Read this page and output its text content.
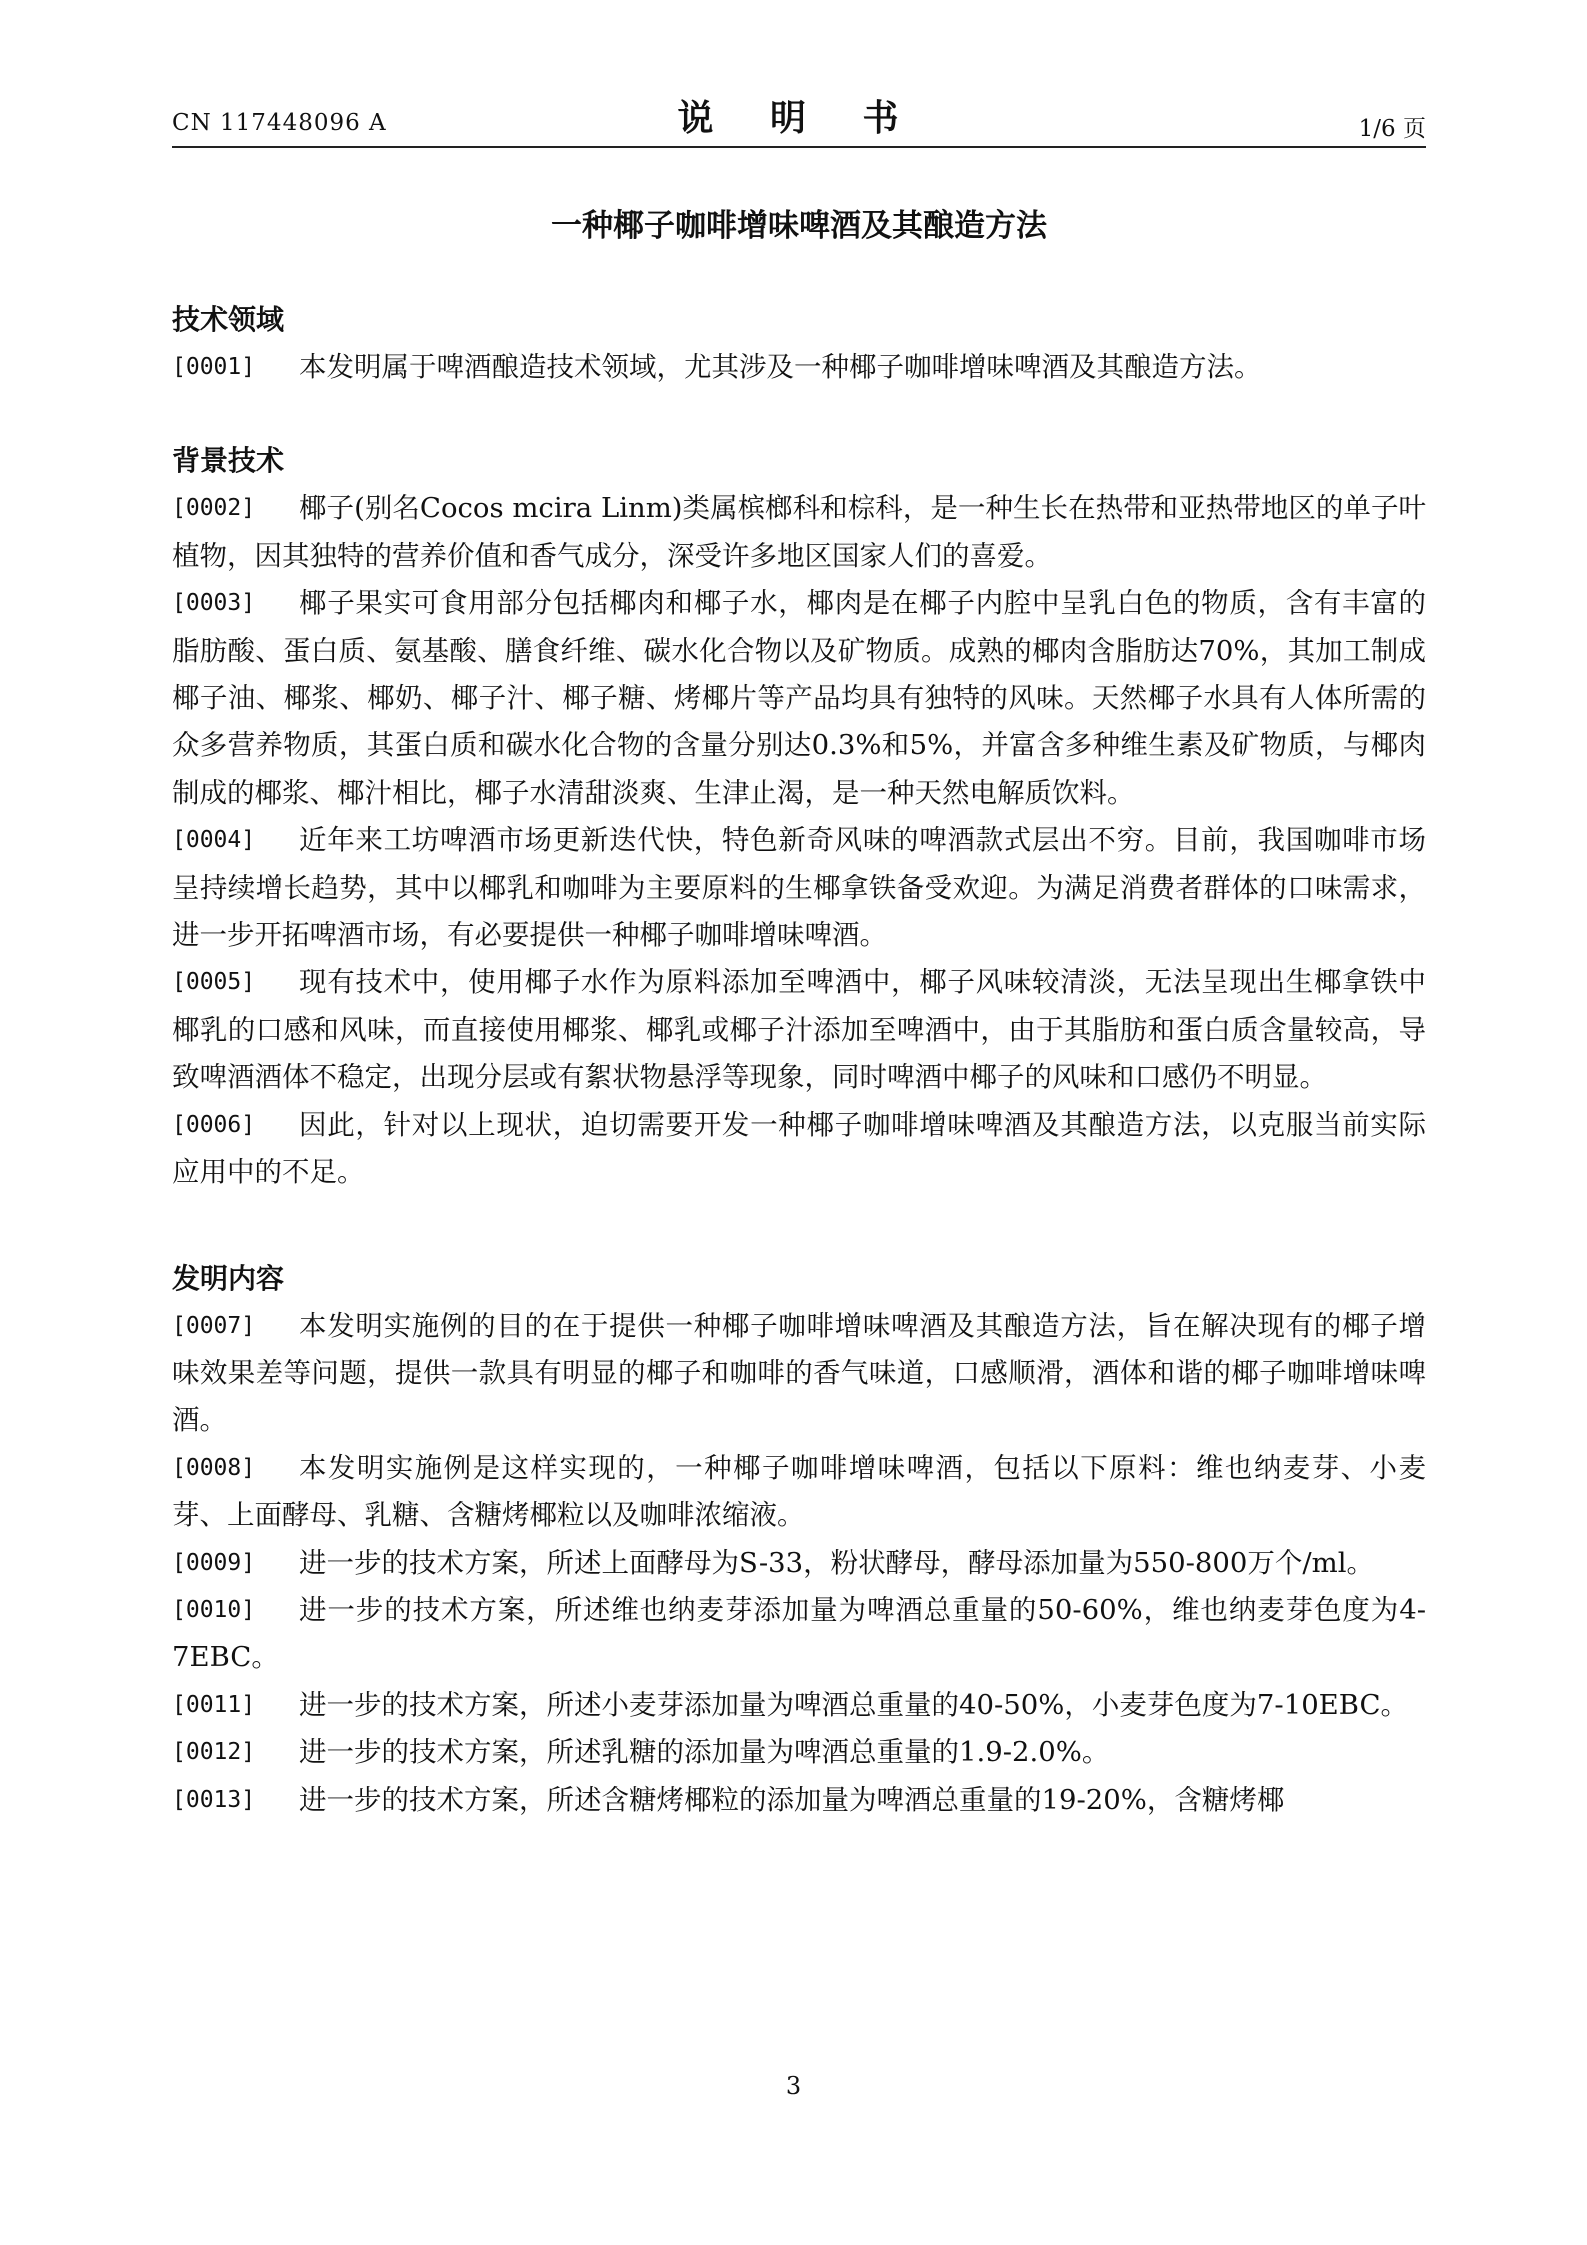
CN 117448096 A	说 明 书	1/6 页
一种椰子咖啡增味啤酒及其酿造方法
技术领域
[0001] 本发明属于啤酒酿造技术领域，尤其涉及一种椰子咖啡增味啤酒及其酿造方法。
背景技术
[0002] 椰子(别名Cocos mcira Linm)类属槟榔科和棕科，是一种生长在热带和亚热带地区的单子叶植物，因其独特的营养价值和香气成分，深受许多地区国家人们的喜爱。
[0003] 椰子果实可食用部分包括椰肉和椰子水，椰肉是在椰子内腔中呈乳白色的物质，含有丰富的脂肪酸、蛋白质、氨基酸、膳食纤维、碳水化合物以及矿物质。成熟的椰肉含脂肪达70%，其加工制成椰子油、椰浆、椰奶、椰子汁、椰子糖、烤椰片等产品均具有独特的风味。天然椰子水具有人体所需的众多营养物质，其蛋白质和碳水化合物的含量分别达0.3%和5%，并富含多种维生素及矿物质，与椰肉制成的椰浆、椰汁相比，椰子水清甜淡爽、生津止渴，是一种天然电解质饮料。
[0004] 近年来工坊啤酒市场更新迭代快，特色新奇风味的啤酒款式层出不穷。目前，我国咖啡市场呈持续增长趋势，其中以椰乳和咖啡为主要原料的生椰拿铁备受欢迎。为满足消费者群体的口味需求，进一步开拓啤酒市场，有必要提供一种椰子咖啡增味啤酒。
[0005] 现有技术中，使用椰子水作为原料添加至啤酒中，椰子风味较清淡，无法呈现出生椰拿铁中椰乳的口感和风味，而直接使用椰浆、椰乳或椰子汁添加至啤酒中，由于其脂肪和蛋白质含量较高，导致啤酒酒体不稳定，出现分层或有絮状物悬浮等现象，同时啤酒中椰子的风味和口感仍不明显。
[0006] 因此，针对以上现状，迫切需要开发一种椰子咖啡增味啤酒及其酿造方法，以克服当前实际应用中的不足。
发明内容
[0007] 本发明实施例的目的在于提供一种椰子咖啡增味啤酒及其酿造方法，旨在解决现有的椰子增味效果差等问题，提供一款具有明显的椰子和咖啡的香气味道，口感顺滑，酒体和谐的椰子咖啡增味啤酒。
[0008] 本发明实施例是这样实现的，一种椰子咖啡增味啤酒，包括以下原料：维也纳麦芽、小麦芽、上面酵母、乳糖、含糖烤椰粒以及咖啡浓缩液。
[0009] 进一步的技术方案，所述上面酵母为S-33，粉状酵母，酵母添加量为550-800万个/ml。
[0010] 进一步的技术方案，所述维也纳麦芽添加量为啤酒总重量的50-60%，维也纳麦芽色度为4-7EBC。
[0011] 进一步的技术方案，所述小麦芽添加量为啤酒总重量的40-50%，小麦芽色度为7-10EBC。
[0012] 进一步的技术方案，所述乳糖的添加量为啤酒总重量的1.9-2.0%。
[0013] 进一步的技术方案，所述含糖烤椰粒的添加量为啤酒总重量的19-20%，含糖烤椰
3
